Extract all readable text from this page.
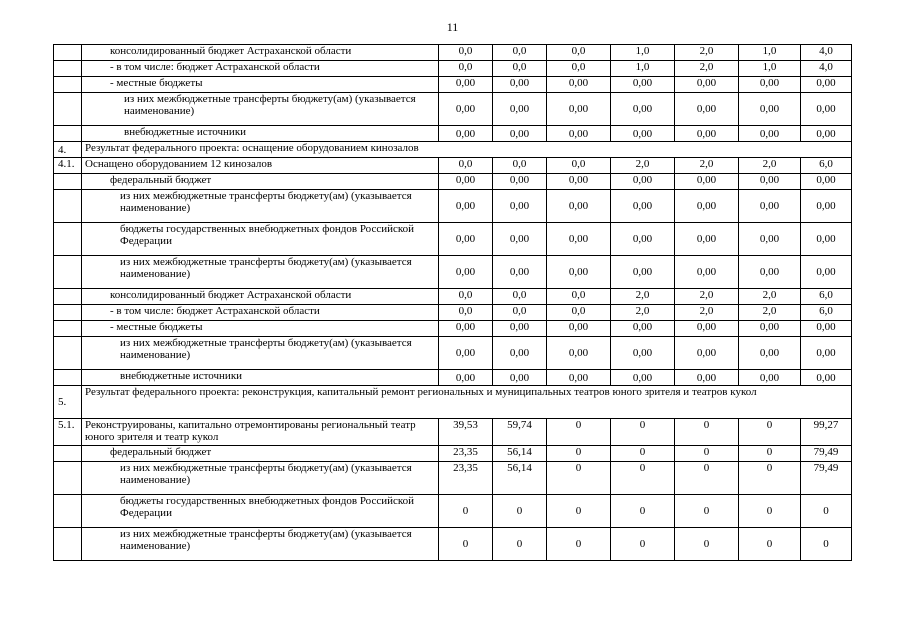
11
	консолидированный бюджет Астраханской области	0,0	0,0	0,0	1,0	2,0	1,0	4,0
	- в том числе: бюджет Астраханской области	0,0	0,0	0,0	1,0	2,0	1,0	4,0
	- местные бюджеты	0,00	0,00	0,00	0,00	0,00	0,00	0,00
	из них межбюджетные трансферты бюджету(ам) (указывается наименование)	0,00	0,00	0,00	0,00	0,00	0,00	0,00
	внебюджетные источники	0,00	0,00	0,00	0,00	0,00	0,00	0,00
4.	Результат федерального проекта: оснащение оборудованием кинозалов							
4.1.	Оснащено оборудованием 12 кинозалов	0,0	0,0	0,0	2,0	2,0	2,0	6,0
	федеральный бюджет	0,00	0,00	0,00	0,00	0,00	0,00	0,00
	из них межбюджетные трансферты бюджету(ам) (указывается наименование)	0,00	0,00	0,00	0,00	0,00	0,00	0,00
	бюджеты государственных внебюджетных фондов Российской Федерации	0,00	0,00	0,00	0,00	0,00	0,00	0,00
	из них межбюджетные трансферты бюджету(ам) (указывается наименование)	0,00	0,00	0,00	0,00	0,00	0,00	0,00
	консолидированный бюджет Астраханской области	0,0	0,0	0,0	2,0	2,0	2,0	6,0
	- в том числе: бюджет Астраханской области	0,0	0,0	0,0	2,0	2,0	2,0	6,0
	- местные бюджеты	0,00	0,00	0,00	0,00	0,00	0,00	0,00
	из них межбюджетные трансферты бюджету(ам) (указывается наименование)	0,00	0,00	0,00	0,00	0,00	0,00	0,00
	внебюджетные источники	0,00	0,00	0,00	0,00	0,00	0,00	0,00
5.	Результат федерального проекта: реконструкция, капитальный ремонт региональных и муниципальных театров юного зрителя и театров кукол							
5.1.	Реконструированы, капитально отремонтированы региональный театр юного зрителя и театр кукол	39,53	59,74	0	0	0	0	99,27
	федеральный бюджет	23,35	56,14	0	0	0	0	79,49
	из них межбюджетные трансферты бюджету(ам) (указывается наименование)	23,35	56,14	0	0	0	0	79,49
	бюджеты государственных внебюджетных фондов Российской Федерации	0	0	0	0	0	0	0
	из них межбюджетные трансферты бюджету(ам) (указывается наименование)	0	0	0	0	0	0	0
